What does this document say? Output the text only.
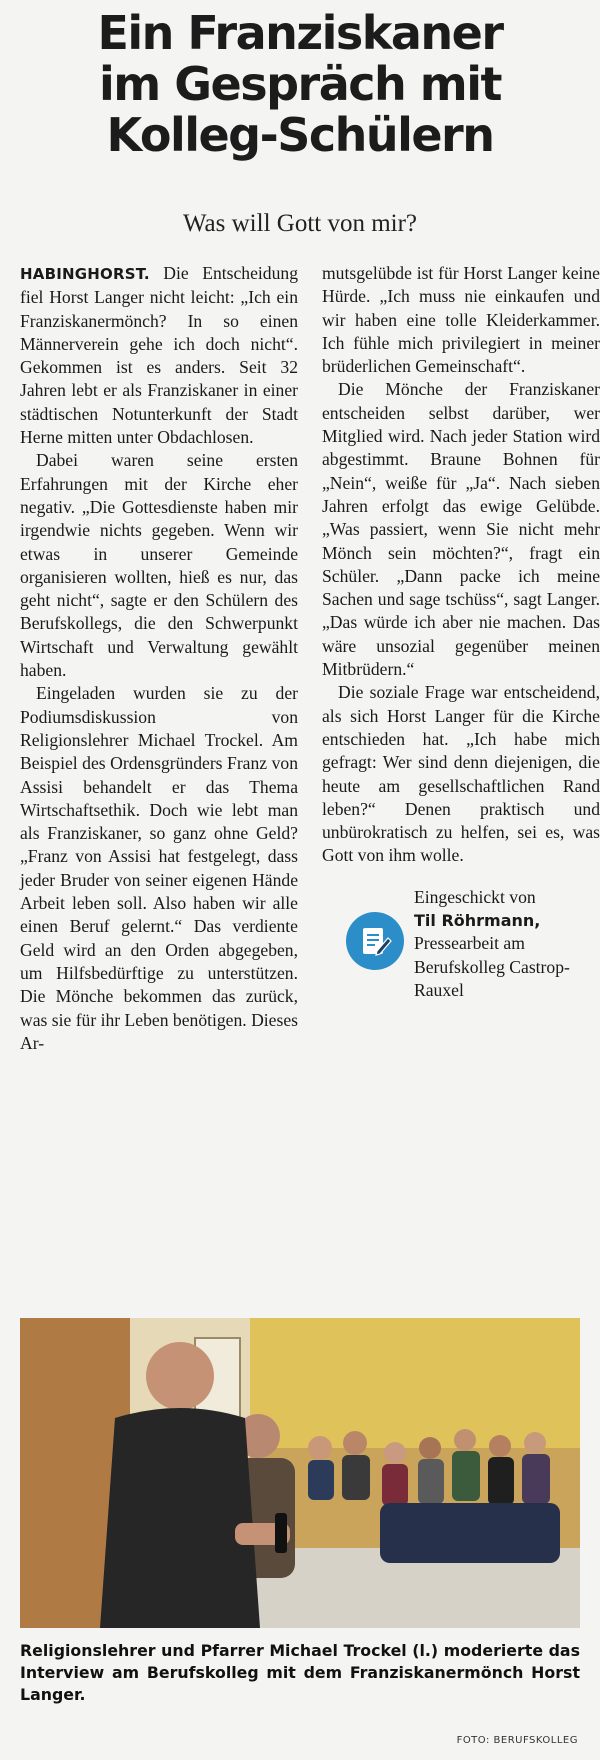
Ein Franziskaner
im Gespräch mit
Kolleg-Schülern
Was will Gott von mir?

HABINGHORST. Die Entscheidung fiel Horst Langer nicht leicht: „Ich ein Franziskanermönch? In so einen Männerverein gehe ich doch nicht“. Gekommen ist es anders. Seit 32 Jahren lebt er als Franziskaner in einer städtischen Notunterkunft der Stadt Herne mitten unter Obdachlosen.

Dabei waren seine ersten Erfahrungen mit der Kirche eher negativ. „Die Gottesdienste haben mir irgendwie nichts gegeben. Wenn wir etwas in unserer Gemeinde organisieren wollten, hieß es nur, das geht nicht“, sagte er den Schülern des Berufskollegs, die den Schwerpunkt Wirtschaft und Verwaltung gewählt haben.

Eingeladen wurden sie zu der Podiumsdiskussion von Religionslehrer Michael Trockel. Am Beispiel des Ordensgründers Franz von Assisi behandelt er das Thema Wirtschaftsethik. Doch wie lebt man als Franziskaner, so ganz ohne Geld? „Franz von Assisi hat festgelegt, dass jeder Bruder von seiner eigenen Hände Arbeit leben soll. Also haben wir alle einen Beruf gelernt.“ Das verdiente Geld wird an den Orden abgegeben, um Hilfsbedürftige zu unterstützen. Die Mönche bekommen das zurück, was sie für ihr Leben benötigen. Dieses Ar-

mutsgelübde ist für Horst Langer keine Hürde. „Ich muss nie einkaufen und wir haben eine tolle Kleiderkammer. Ich fühle mich privilegiert in meiner brüderlichen Gemeinschaft“.

Die Mönche der Franziskaner entscheiden selbst darüber, wer Mitglied wird. Nach jeder Station wird abgestimmt. Braune Bohnen für „Nein“, weiße für „Ja“. Nach sieben Jahren erfolgt das ewige Gelübde. „Was passiert, wenn Sie nicht mehr Mönch sein möchten?“, fragt ein Schüler. „Dann packe ich meine Sachen und sage tschüss“, sagt Langer. „Das würde ich aber nie machen. Das wäre unsozial gegenüber meinen Mitbrüdern.“

Die soziale Frage war entscheidend, als sich Horst Langer für die Kirche entschieden hat. „Ich habe mich gefragt: Wer sind denn diejenigen, die heute am gesellschaftlichen Rand leben?“ Denen praktisch und unbürokratisch zu helfen, sei es, was Gott von ihm wolle.

Eingeschickt von
Til Röhrmann,
Pressearbeit am
Berufskolleg Castrop-Rauxel
Religionslehrer und Pfarrer Michael Trockel (l.) moderierte das Interview am Berufskolleg mit dem Franziskanermönch Horst Langer.
FOTO: BERUFSKOLLEG
